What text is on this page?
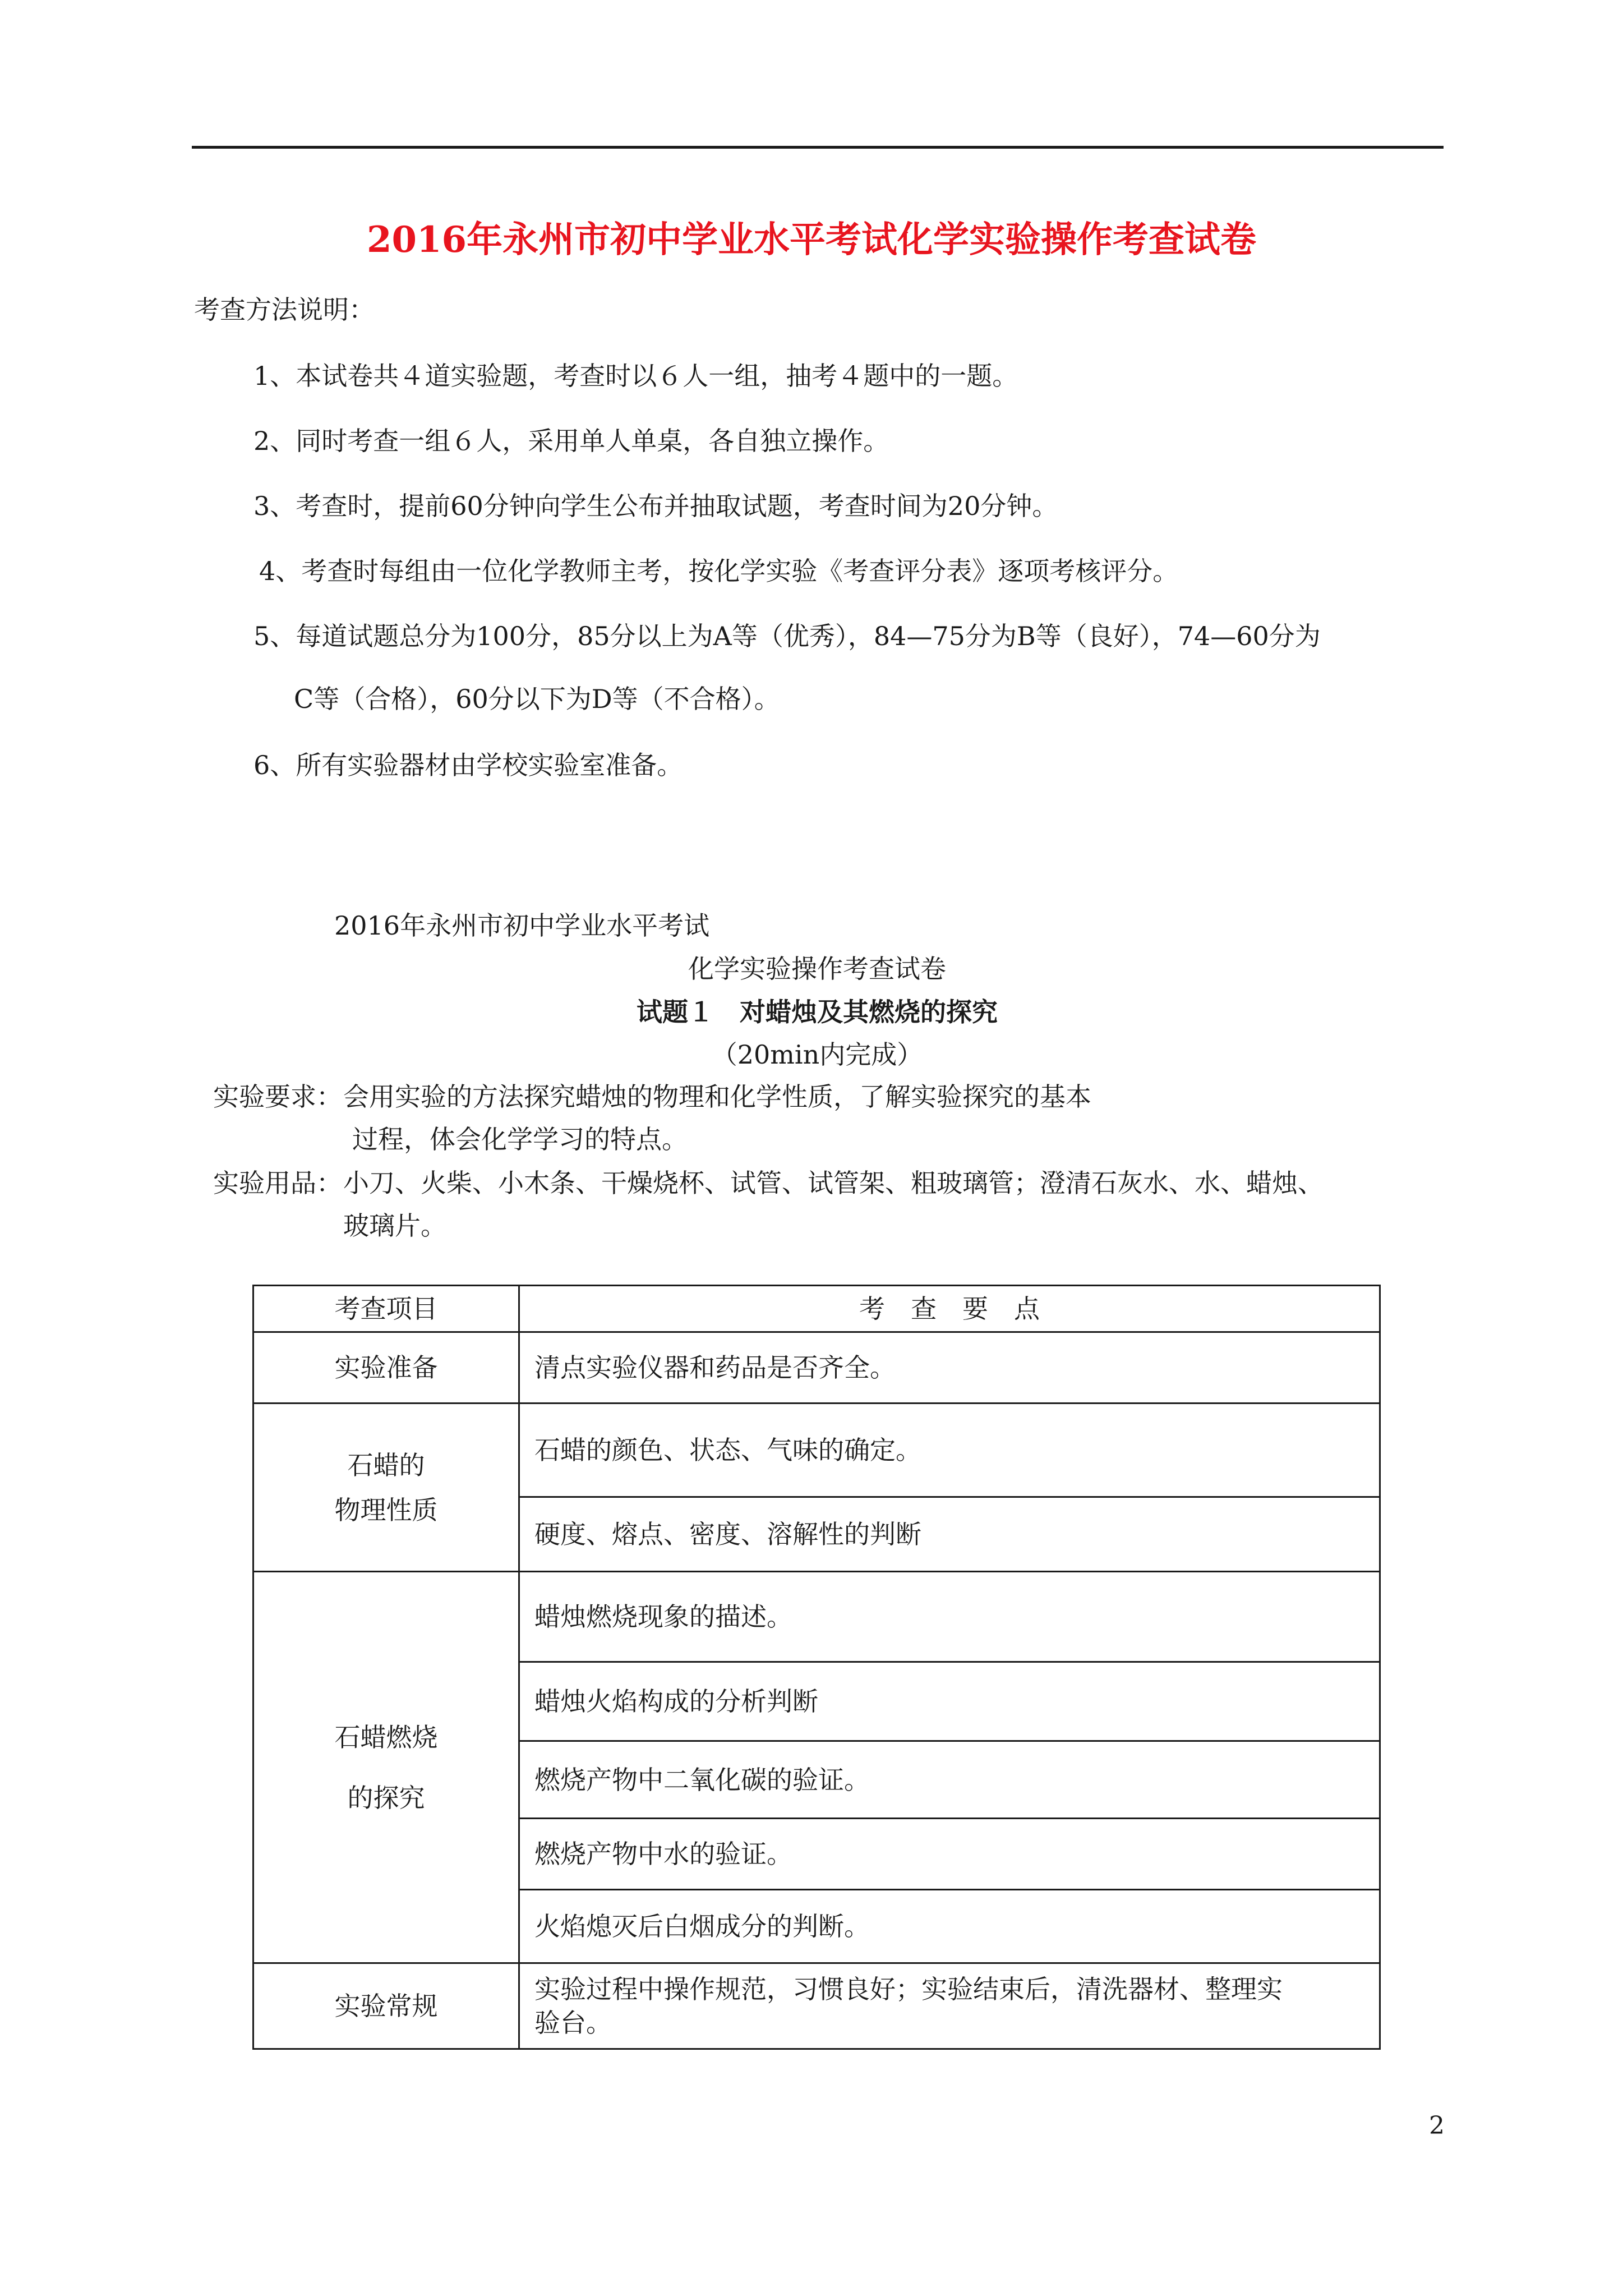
2016年永州市初中学业水平考试化学实验操作考查试卷
考查方法说明：
1、本试卷共４道实验题，考查时以６人一组，抽考４题中的一题。
2、同时考查一组６人，采用单人单桌，各自独立操作。
3、考查时，提前60分钟向学生公布并抽取试题，考查时间为20分钟。
4、考查时每组由一位化学教师主考，按化学实验《考查评分表》逐项考核评分。
5、每道试题总分为100分，85分以上为A等（优秀），84—75分为B等（良好），74—60分为
C等（合格），60分以下为D等（不合格）。
6、所有实验器材由学校实验室准备。
2016年永州市初中学业水平考试
化学实验操作考查试卷
试题１　对蜡烛及其燃烧的探究
（20min内完成）
实验要求： 会用实验的方法探究蜡烛的物理和化学性质，了解实验探究的基本
过程，体会化学学习的特点。
实验用品： 小刀、火柴、小木条、干燥烧杯、试管、试管架、粗玻璃管；澄清石灰水、水、蜡烛、
玻璃片。
考查项目	考　查　要　点
实验准备	清点实验仪器和药品是否齐全。

石蜡的
物理性质	石蜡的颜色、状态、气味的确定。
	硬度、熔点、密度、溶解性的判断

石蜡燃烧
的探究	蜡烛燃烧现象的描述。
	蜡烛火焰构成的分析判断
	燃烧产物中二氧化碳的验证。
	燃烧产物中水的验证。
	火焰熄灭后白烟成分的判断。
实验常规	实验过程中操作规范，习惯良好；实验结束后，清洗器材、整理实
验台。
2
